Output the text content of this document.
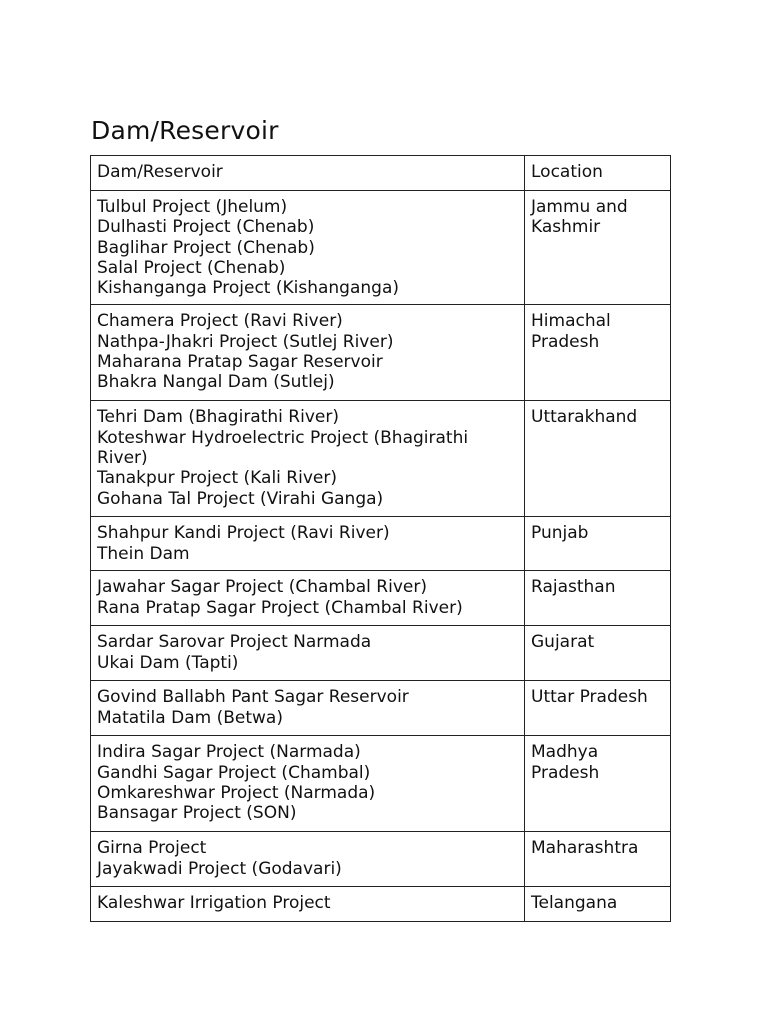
Dam/Reservoir
Dam/Reservoir	Location

Tulbul Project (Jhelum)
Dulhasti Project (Chenab)
Baglihar Project (Chenab)
Salal Project (Chenab)
Kishanganga Project (Kishanganga)	Jammu and Kashmir

Chamera Project (Ravi River)
Nathpa-Jhakri Project (Sutlej River)
Maharana Pratap Sagar Reservoir
Bhakra Nangal Dam (Sutlej)	Himachal Pradesh

Tehri Dam (Bhagirathi River)
Koteshwar Hydroelectric Project (Bhagirathi River)
Tanakpur Project (Kali River)
Gohana Tal Project (Virahi Ganga)	Uttarakhand

Shahpur Kandi Project (Ravi River)
Thein Dam	Punjab

Jawahar Sagar Project (Chambal River)
Rana Pratap Sagar Project (Chambal River)	Rajasthan

Sardar Sarovar Project Narmada
Ukai Dam (Tapti)	Gujarat

Govind Ballabh Pant Sagar Reservoir
Matatila Dam (Betwa)	Uttar Pradesh

Indira Sagar Project (Narmada)
Gandhi Sagar Project (Chambal)
Omkareshwar Project (Narmada)
Bansagar Project (SON)	Madhya Pradesh

Girna Project
Jayakwadi Project (Godavari)	Maharashtra

Kaleshwar Irrigation Project	Telangana
